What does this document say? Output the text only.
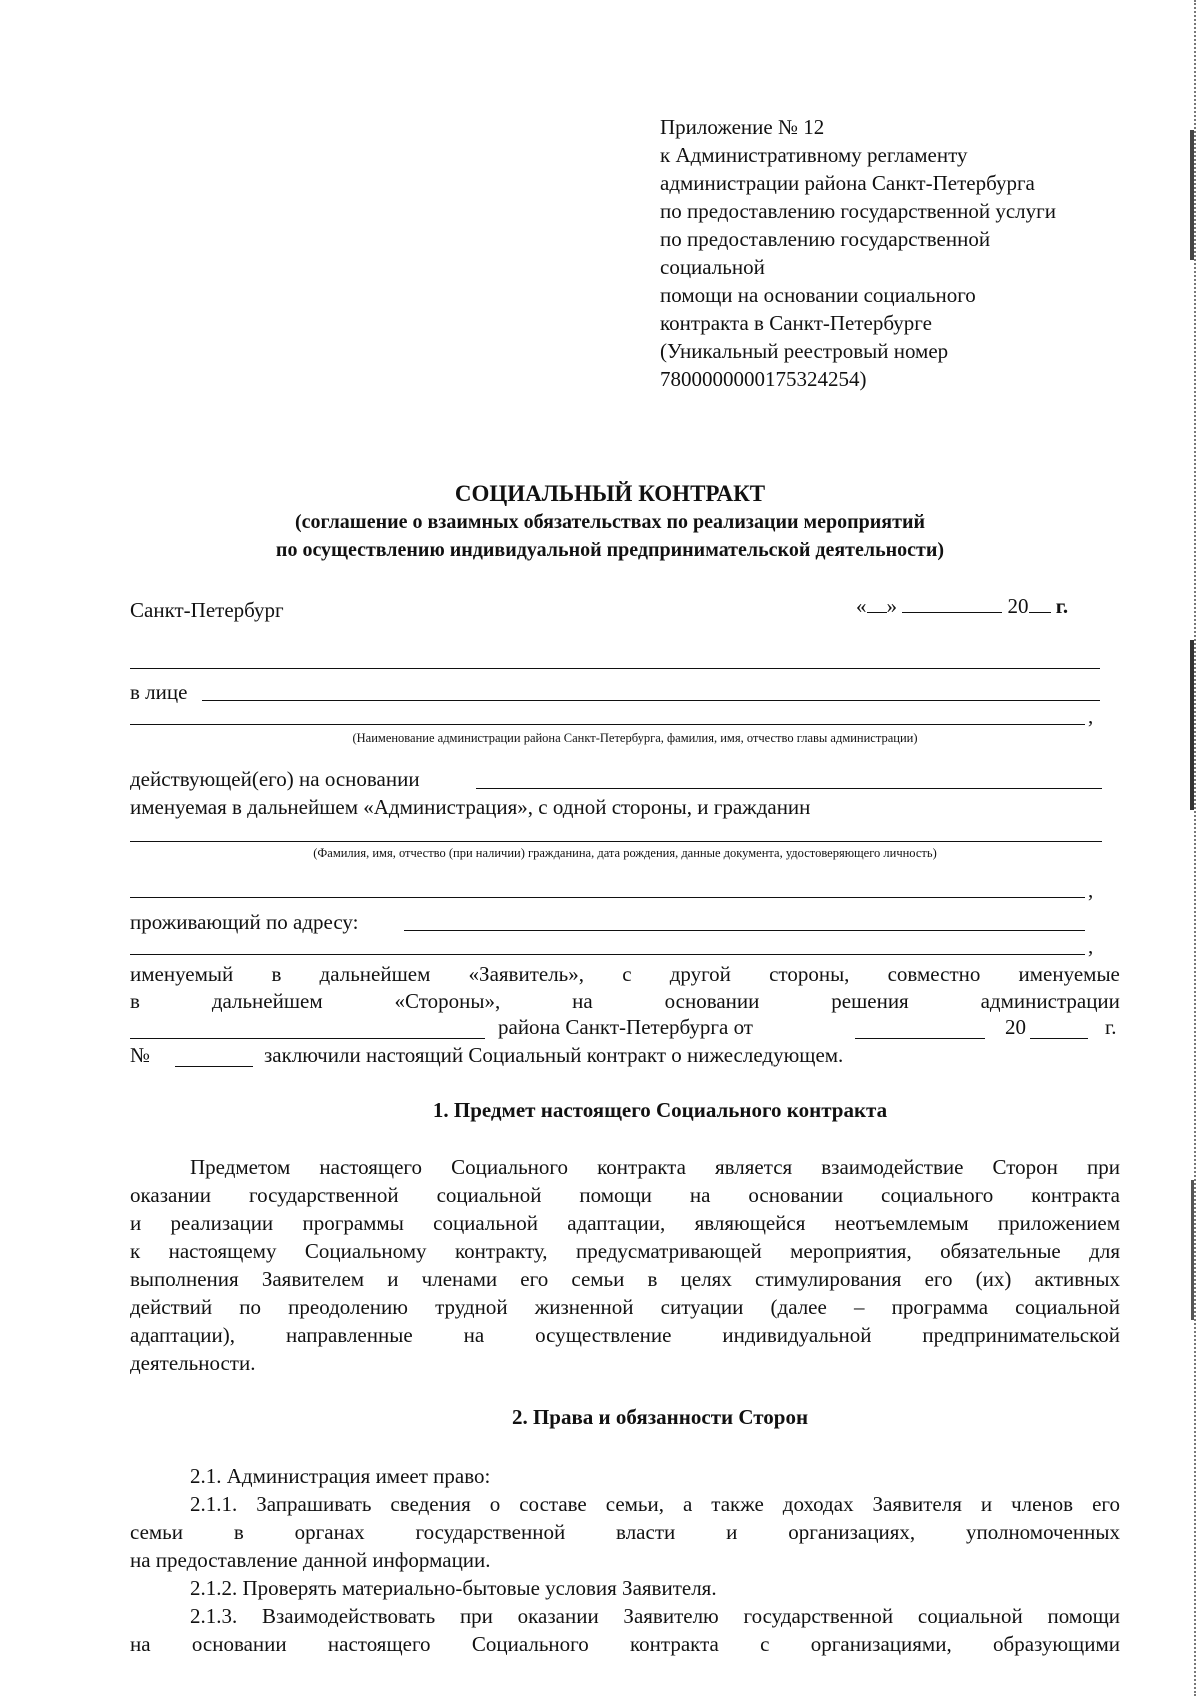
Приложение № 12
к Административному регламенту
администрации района Санкт-Петербурга
по предоставлению государственной услуги
по предоставлению государственной
социальной
помощи на основании социального
контракта в Санкт-Петербурге
(Уникальный реестровый номер
7800000000175324254)
СОЦИАЛЬНЫЙ КОНТРАКТ
(соглашение о взаимных обязательствах по реализации мероприятий
по осуществлению индивидуальной предпринимательской деятельности)
Санкт-Петербург	« »	20 г.
в лице
,
(Наименование администрации района Санкт-Петербурга, фамилия, имя, отчество главы администрации)
действующей(его) на основании
именуемая в дальнейшем «Администрация», с одной стороны, и гражданин
(Фамилия, имя, отчество (при наличии) гражданина, дата рождения, данные документа, удостоверяющего личность)
,
проживающий по адресу:
,
именуемый в дальнейшем «Заявитель», с другой стороны, совместно именуемые
в	дальнейшем	«Стороны»,	на	основании	решения	администрации
района Санкт-Петербурга от	20	г.
№	заключили настоящий Социальный контракт о нижеследующем.
1. Предмет настоящего Социального контракта
Предметом настоящего Социального контракта является взаимодействие Сторон при
оказании государственной социальной помощи на основании социального контракта
и реализации программы социальной адаптации, являющейся неотъемлемым приложением
к настоящему Социальному контракту, предусматривающей мероприятия, обязательные для
выполнения Заявителем и членами его семьи в целях стимулирования его (их) активных
действий по преодолению трудной жизненной ситуации (далее – программа социальной
адаптации), направленные на осуществление индивидуальной предпринимательской
деятельности.
2. Права и обязанности Сторон
2.1. Администрация имеет право:
2.1.1. Запрашивать сведения о составе семьи, а также доходах Заявителя и членов его
семьи в органах государственной власти и организациях, уполномоченных
на предоставление данной информации.
2.1.2. Проверять материально-бытовые условия Заявителя.
2.1.3. Взаимодействовать при оказании Заявителю государственной социальной помощи
на основании настоящего Социального контракта с организациями, образующими
